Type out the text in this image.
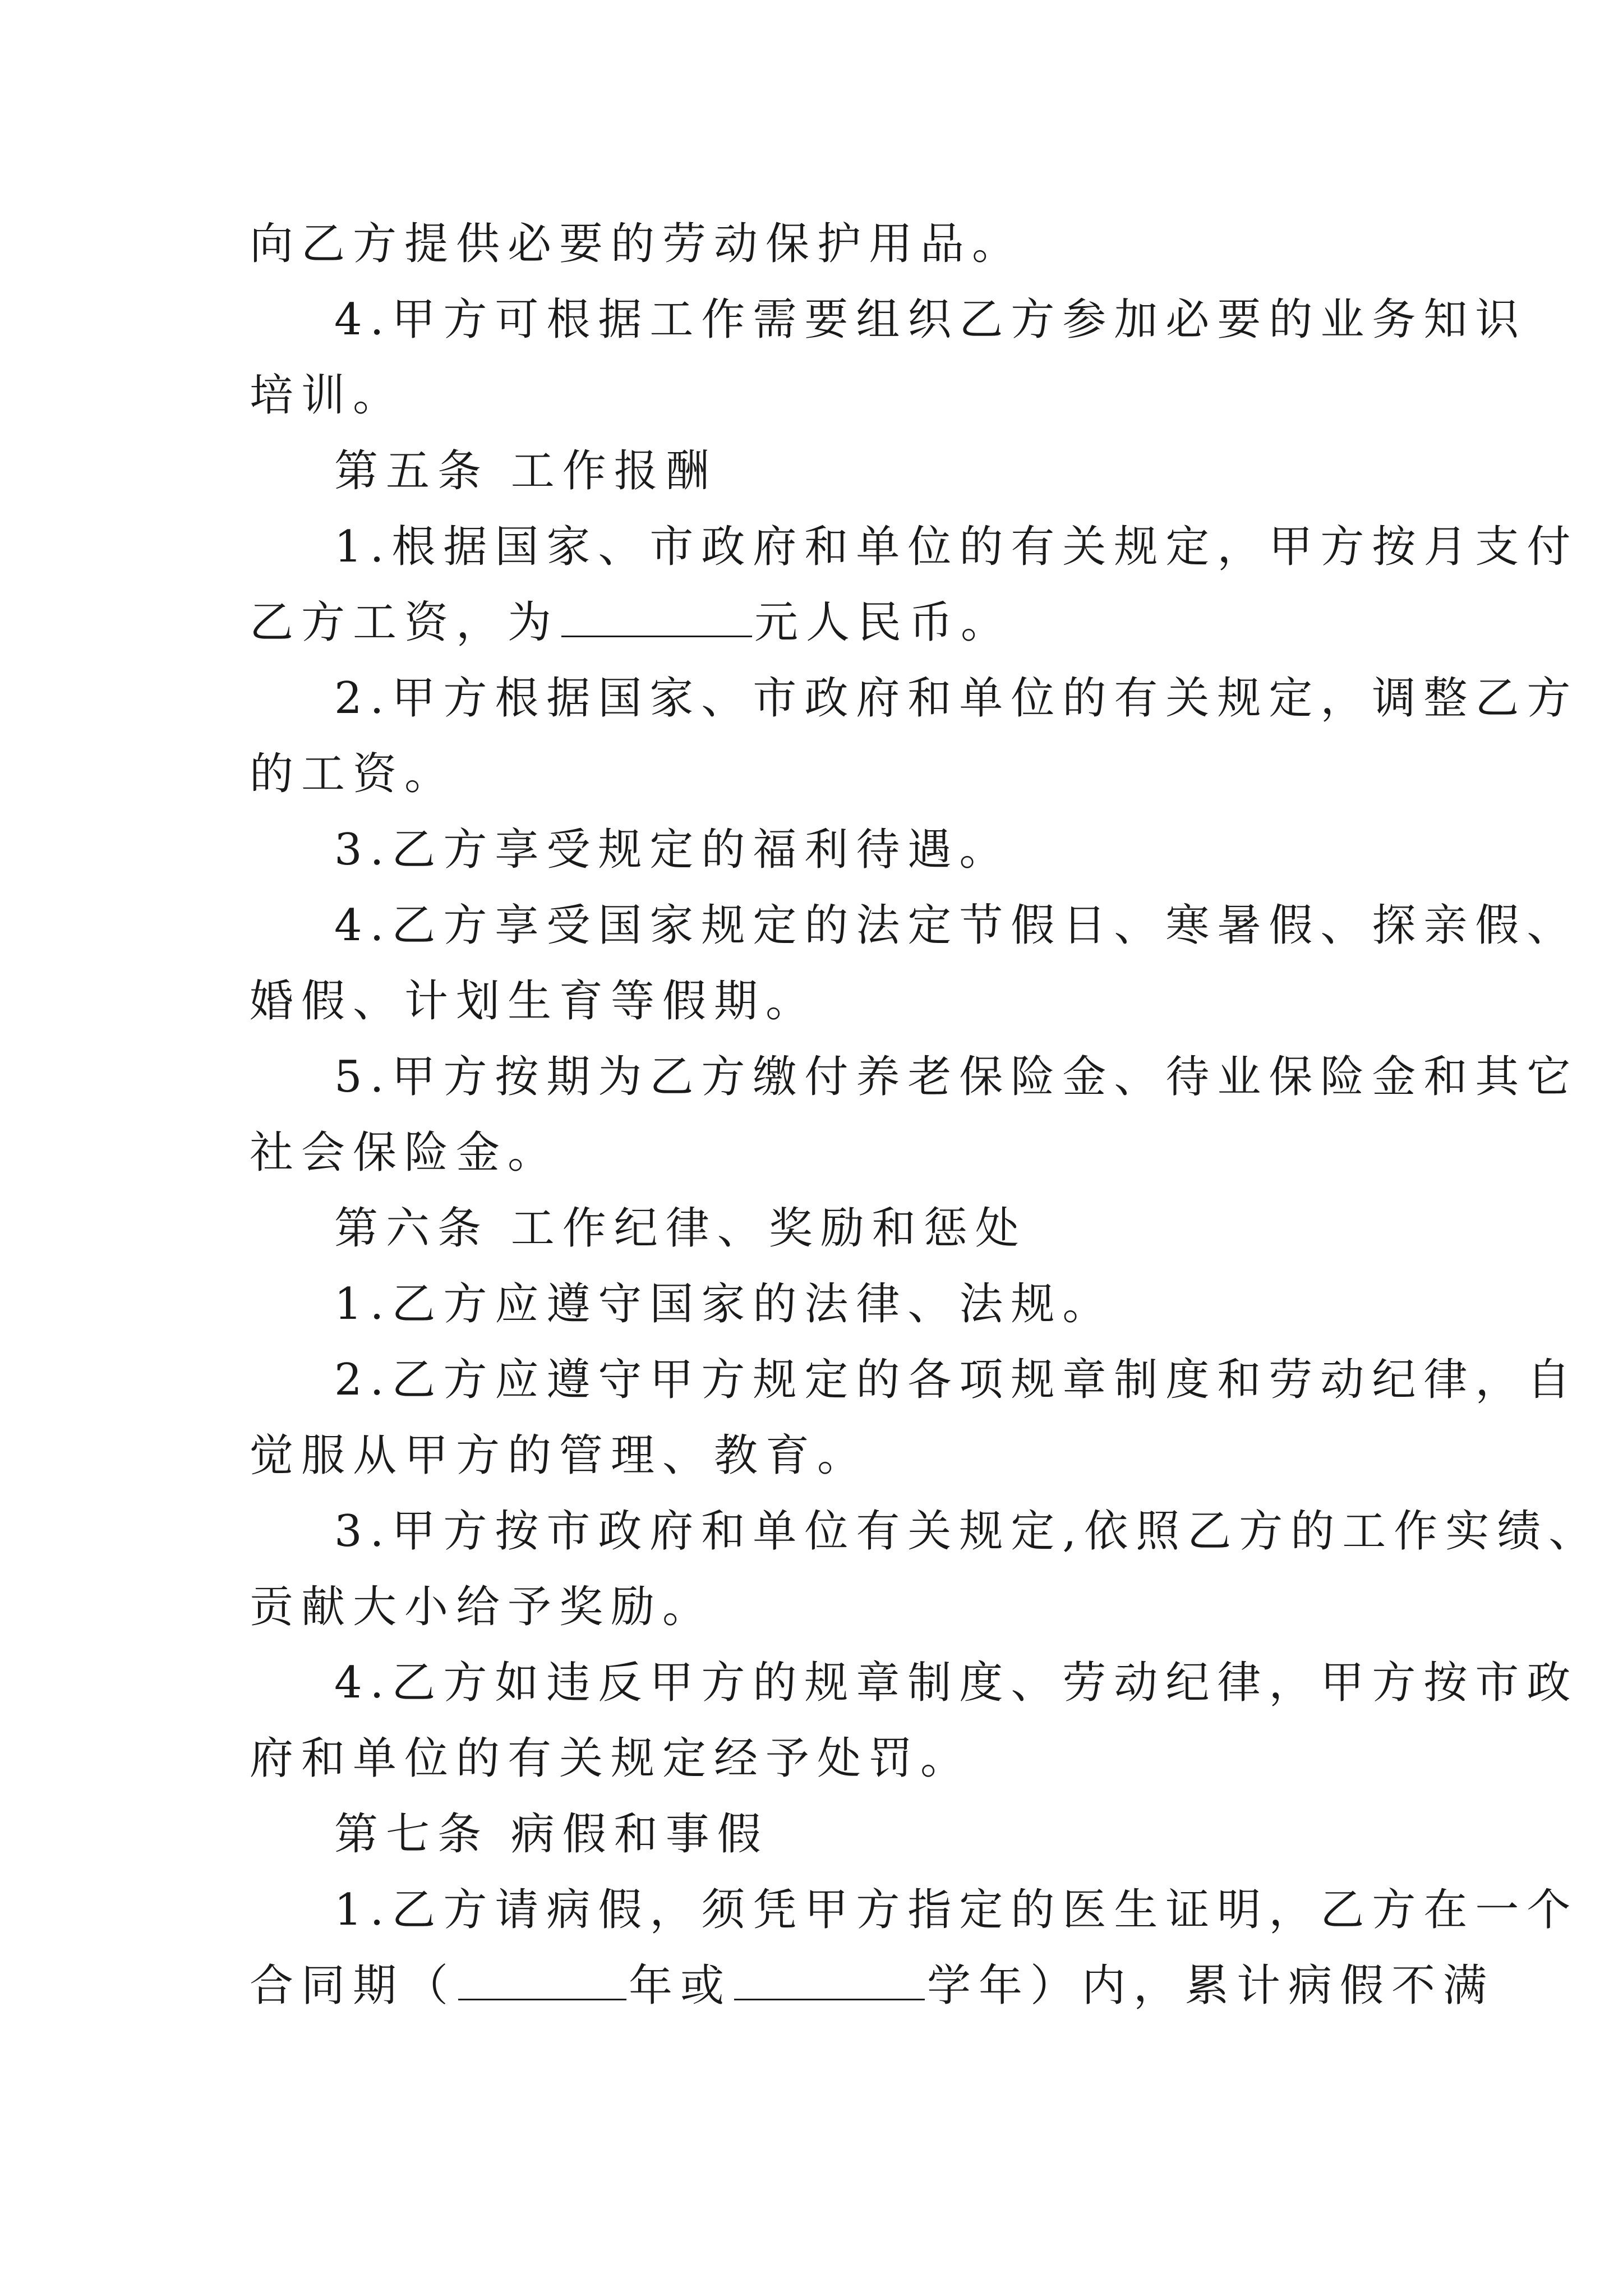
向乙方提供必要的劳动保护用品。
4.甲方可根据工作需要组织乙方参加必要的业务知识
培训。
第五条 工作报酬
1.根据国家、市政府和单位的有关规定，甲方按月支付
乙方工资，为	元人民币。
2.甲方根据国家、市政府和单位的有关规定，调整乙方
的工资。
3.乙方享受规定的福利待遇。
4.乙方享受国家规定的法定节假日、寒暑假、探亲假、
婚假、计划生育等假期。
5.甲方按期为乙方缴付养老保险金、待业保险金和其它
社会保险金。
第六条 工作纪律、奖励和惩处
1.乙方应遵守国家的法律、法规。
2.乙方应遵守甲方规定的各项规章制度和劳动纪律，自
觉服从甲方的管理、教育。
3.甲方按市政府和单位有关规定,依照乙方的工作实绩、
贡献大小给予奖励。
4.乙方如违反甲方的规章制度、劳动纪律，甲方按市政
府和单位的有关规定经予处罚。
第七条 病假和事假
1.乙方请病假，须凭甲方指定的医生证明，乙方在一个
合同期（	年或	学年）内，累计病假不满
